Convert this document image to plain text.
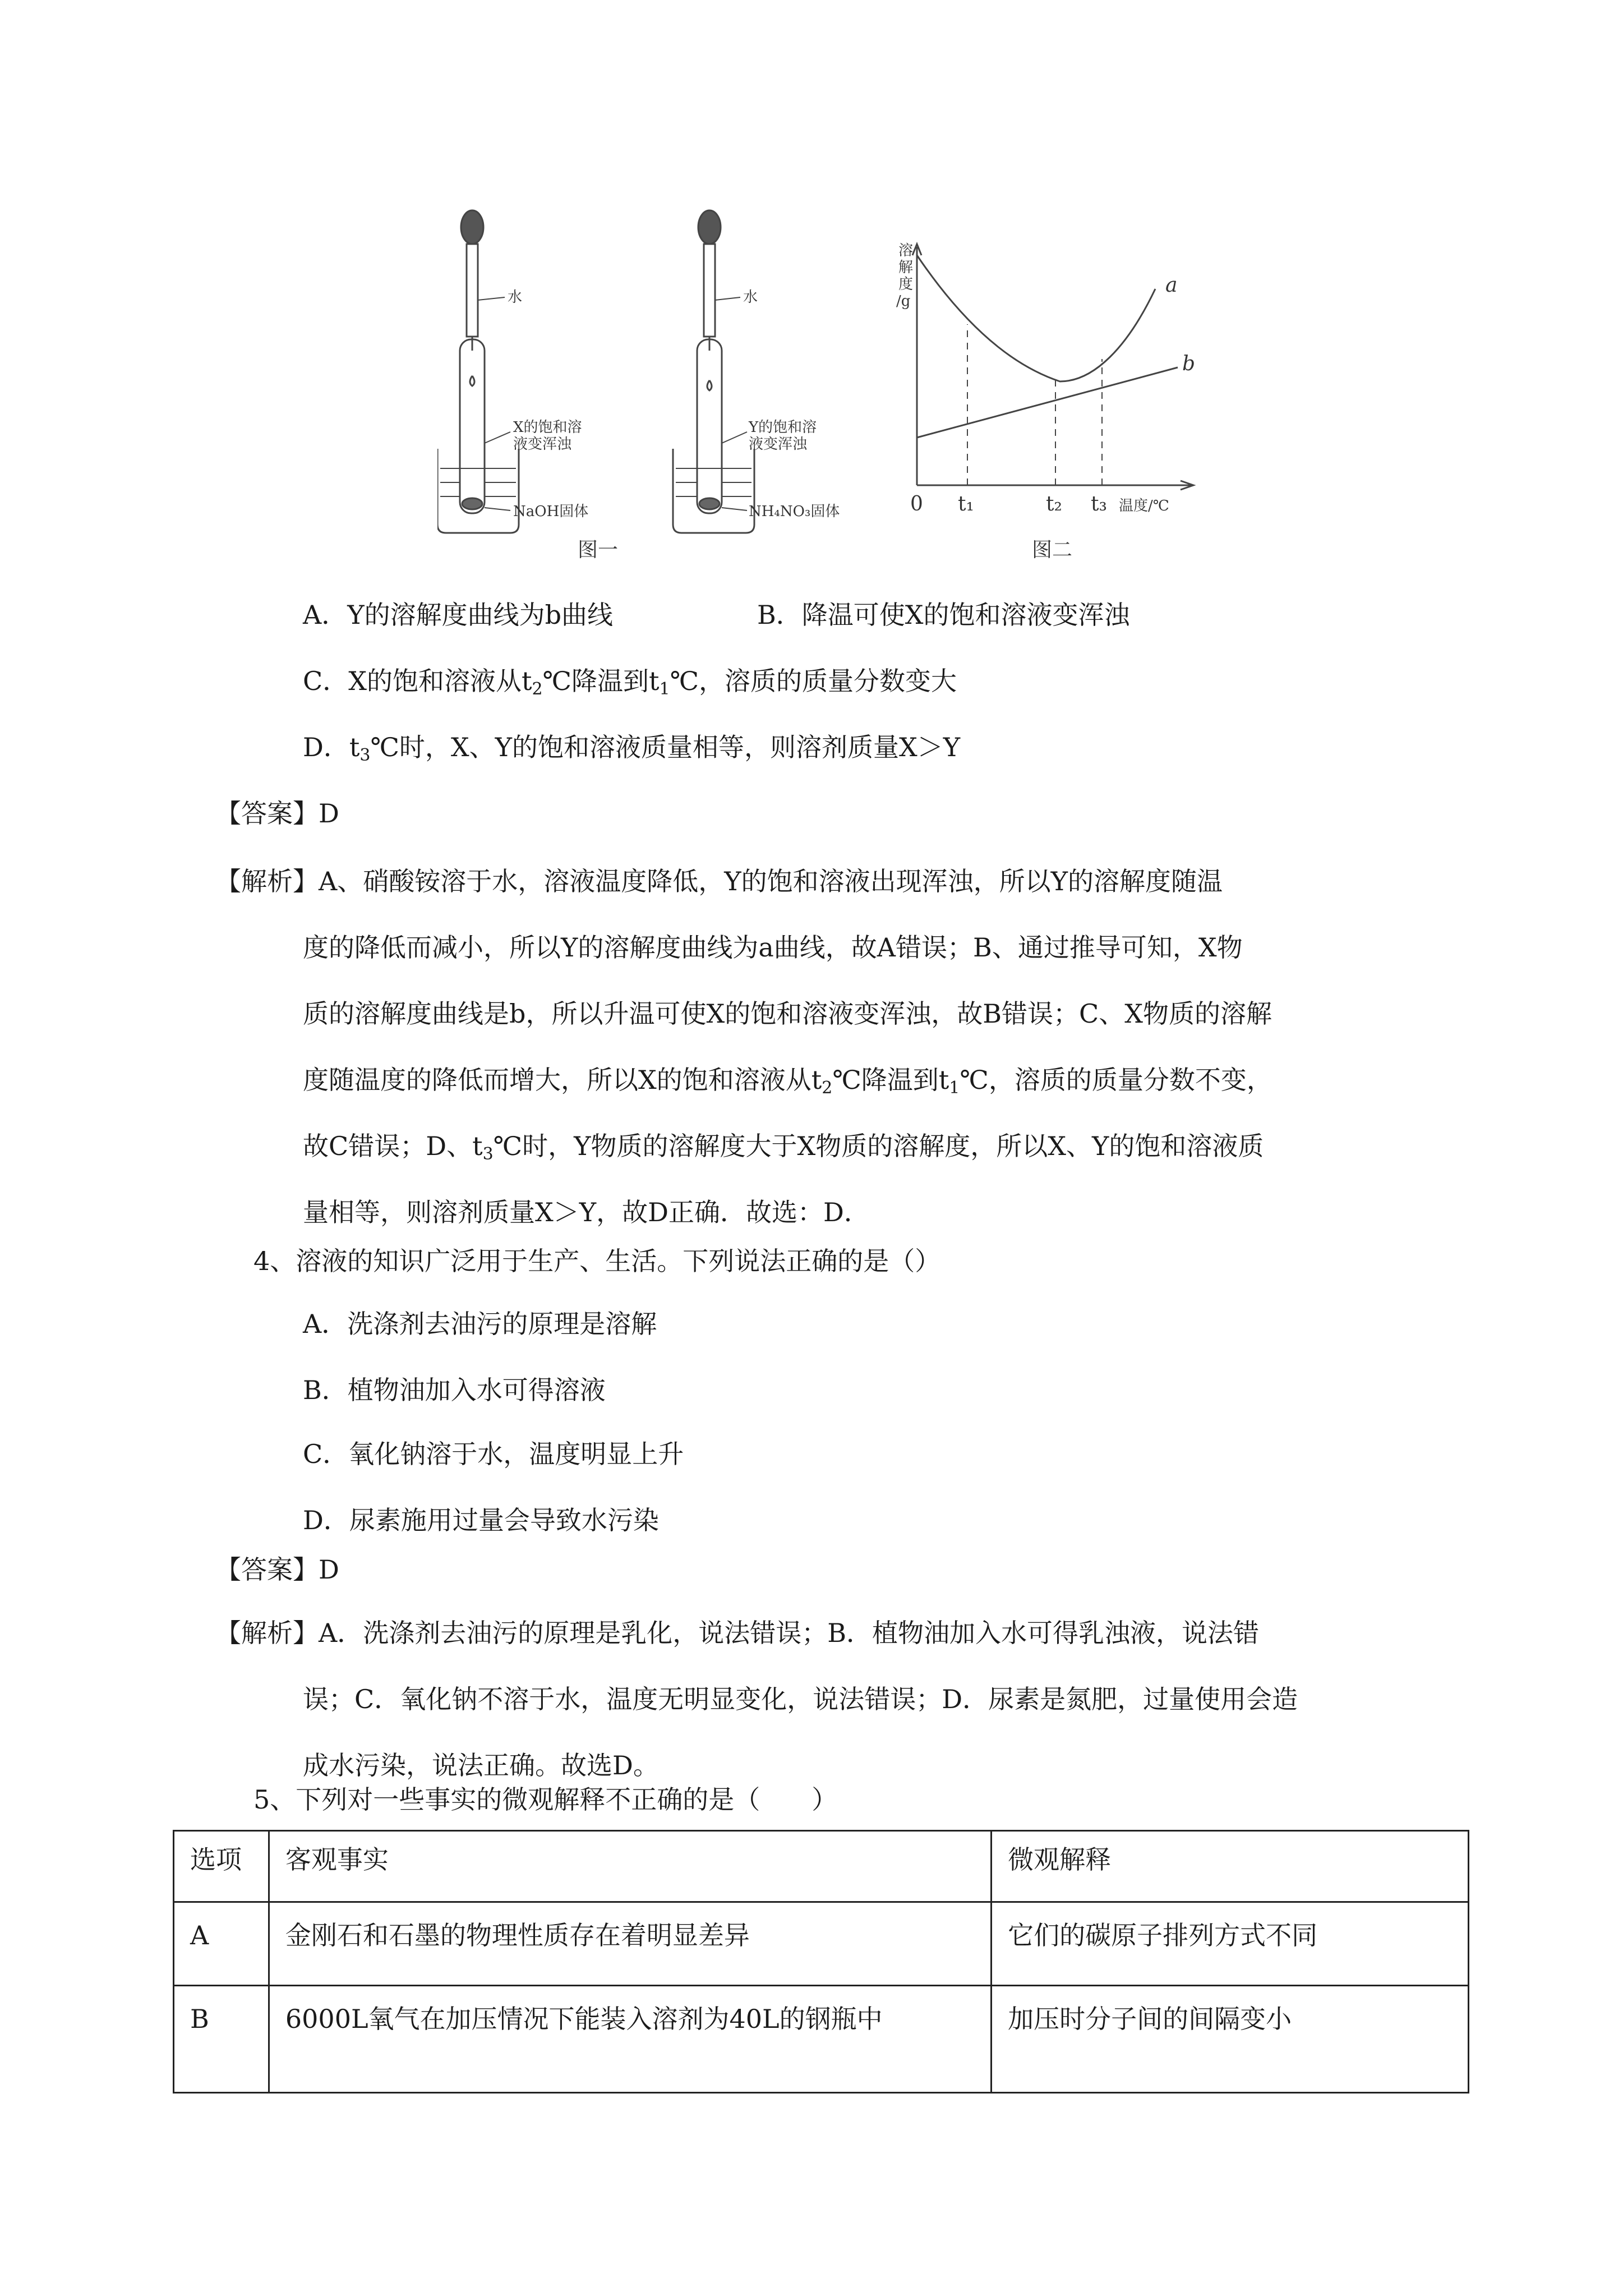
水	水
X的饱和溶
液变浑浊
NaOH固体
Y的饱和溶
液变浑浊
NH₄NO₃固体
溶
解
度
/g
温度/℃
0 t₁	t₂ t₃
a
b
图一	图二
A．Y的溶解度曲线为b曲线	B．降温可使X的饱和溶液变浑浊
C．X的饱和溶液从$t_2℃$降温到$t_1℃$，溶质的质量分数变大
D．$t_3℃$时，X、Y的饱和溶液质量相等，则溶剂质量X＞Y
【答案】D
【解析】A、硝酸铵溶于水，溶液温度降低，Y的饱和溶液出现浑浊，所以Y的溶解度随温
度的降低而减小，所以Y的溶解度曲线为a曲线，故A错误；B、通过推导可知，X物
质的溶解度曲线是b，所以升温可使X的饱和溶液变浑浊，故B错误；C、X物质的溶解
度随温度的降低而增大，所以X的饱和溶液从$t_2℃$降温到$t_1℃$，溶质的质量分数不变，
故C错误；D、$t_3℃$时，Y物质的溶解度大于X物质的溶解度，所以X、Y的饱和溶液质
量相等，则溶剂质量X＞Y，故D正确．故选：D．
4、溶液的知识广泛用于生产、生活。下列说法正确的是（）
A．洗涤剂去油污的原理是溶解
B．植物油加入水可得溶液
C．氧化钠溶于水，温度明显上升
D．尿素施用过量会导致水污染
【答案】D
【解析】A．洗涤剂去油污的原理是乳化，说法错误；B．植物油加入水可得乳浊液，说法错
误；C．氧化钠不溶于水，温度无明显变化，说法错误；D．尿素是氮肥，过量使用会造
成水污染，说法正确。故选D。
5、下列对一些事实的微观解释不正确的是（　　）
选项	客观事实	微观解释
A	金刚石和石墨的物理性质存在着明显差异	它们的碳原子排列方式不同
B	6000L氧气在加压情况下能装入溶剂为40L的钢瓶中	加压时分子间的间隔变小
